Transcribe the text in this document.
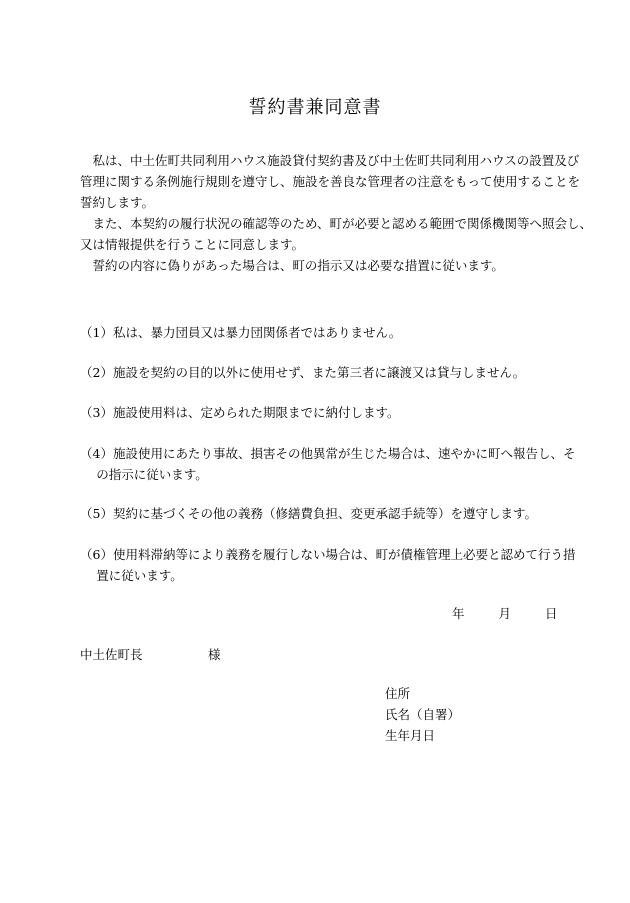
誓約書兼同意書

私は、中土佐町共同利用ハウス施設貸付契約書及び中土佐町共同利用ハウスの設置及び

管理に関する条例施行規則を遵守し、施設を善良な管理者の注意をもって使用することを

誓約します。

また、本契約の履行状況の確認等のため、町が必要と認める範囲で関係機関等へ照会し、

又は情報提供を行うことに同意します。

誓約の内容に偽りがあった場合は、町の指示又は必要な措置に従います。

（1）私は、暴力団員又は暴力団関係者ではありません。
（2）施設を契約の目的以外に使用せず、また第三者に譲渡又は貸与しません。
（3）施設使用料は、定められた期限までに納付します。
（4）施設使用にあたり事故、損害その他異常が生じた場合は、速やかに町へ報告し、そ
の指示に従います。
（5）契約に基づくその他の義務（修繕費負担、変更承認手続等）を遵守します。
（6）使用料滞納等により義務を履行しない場合は、町が債権管理上必要と認めて行う措
置に従います。
年	月	日
中土佐町長	様
住所
氏名（自署）
生年月日
